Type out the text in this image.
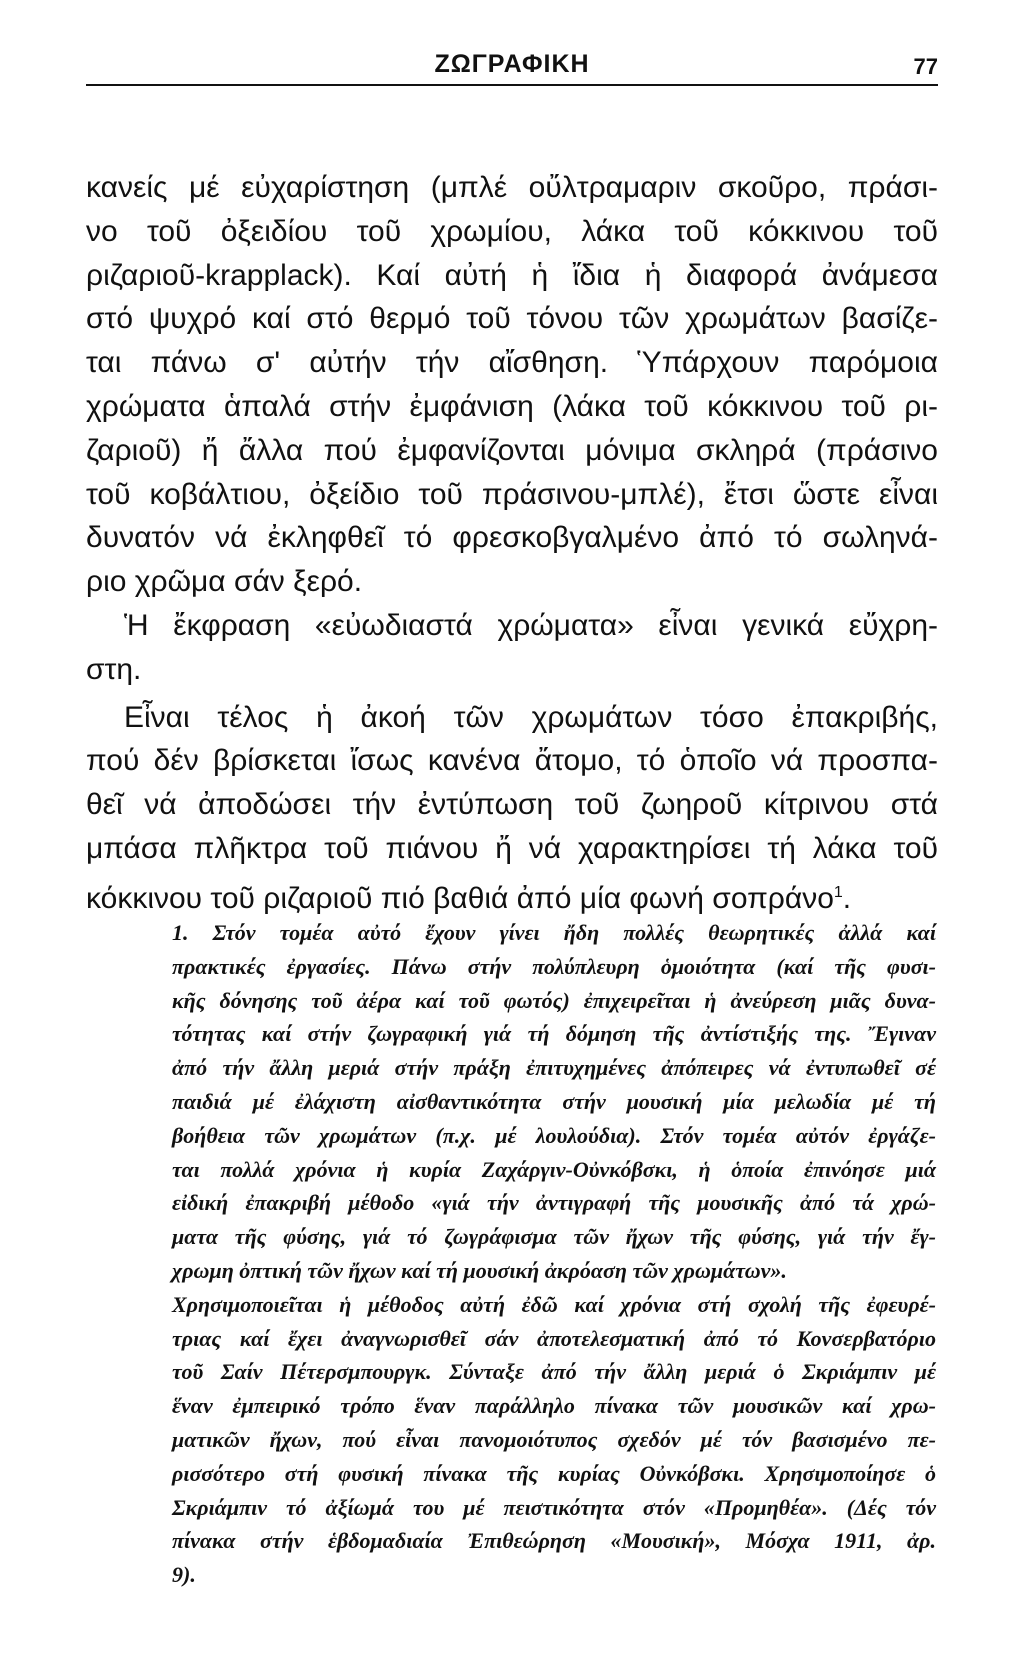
ΖΩΓΡΑΦΙΚΗ	77
κανείς μέ εὐχαρίστηση (μπλέ οὔλτραμαριν σκοῦρο, πράσι-
νο τοῦ ὀξειδίου τοῦ χρωμίου, λάκα τοῦ κόκκινου τοῦ
ριζαριοῦ-krapplack). Καί αὐτή ἡ ἴδια ἡ διαφορά ἀνάμεσα
στό ψυχρό καί στό θερμό τοῦ τόνου τῶν χρωμάτων βασίζε-
ται πάνω σ' αὐτήν τήν αἴσθηση. Ὑπάρχουν παρόμοια
χρώματα ἁπαλά στήν ἐμφάνιση (λάκα τοῦ κόκκινου τοῦ ρι-
ζαριοῦ) ἤ ἄλλα πού ἐμφανίζονται μόνιμα σκληρά (πράσινο
τοῦ κοβάλτιου, ὀξείδιο τοῦ πράσινου-μπλέ), ἔτσι ὥστε εἶναι
δυνατόν νά ἐκληφθεῖ τό φρεσκοβγαλμένο ἀπό τό σωληνά-
ριο χρῶμα σάν ξερό.
Ἡ ἔκφραση «εὐωδιαστά χρώματα» εἶναι γενικά εὔχρη-
στη.
Εἶναι τέλος ἡ ἀκοή τῶν χρωμάτων τόσο ἐπακριβής,
πού δέν βρίσκεται ἴσως κανένα ἄτομο, τό ὁποῖο νά προσπα-
θεῖ νά ἀποδώσει τήν ἐντύπωση τοῦ ζωηροῦ κίτρινου στά
μπάσα πλῆκτρα τοῦ πιάνου ἤ νά χαρακτηρίσει τή λάκα τοῦ
κόκκινου τοῦ ριζαριοῦ πιό βαθιά ἀπό μία φωνή σοπράνο$^1$.
1. Στόν τομέα αὐτό ἔχουν γίνει ἤδη πολλές θεωρητικές ἀλλά καί
πρακτικές ἐργασίες. Πάνω στήν πολύπλευρη ὁμοιότητα (καί τῆς φυσι-
κῆς δόνησης τοῦ ἀέρα καί τοῦ φωτός) ἐπιχειρεῖται ἡ ἀνεύρεση μιᾶς δυνα-
τότητας καί στήν ζωγραφική γιά τή δόμηση τῆς ἀντίστιξής της. Ἔγιναν
ἀπό τήν ἄλλη μεριά στήν πράξη ἐπιτυχημένες ἀπόπειρες νά ἐντυπωθεῖ σέ
παιδιά μέ ἐλάχιστη αἰσθαντικότητα στήν μουσική μία μελωδία μέ τή
βοήθεια τῶν χρωμάτων (π.χ. μέ λουλούδια). Στόν τομέα αὐτόν ἐργάζε-
ται πολλά χρόνια ἡ κυρία Ζαχάργιν-Οὐνκόβσκι, ἡ ὁποία ἐπινόησε μιά
εἰδική ἐπακριβή μέθοδο «γιά τήν ἀντιγραφή τῆς μουσικῆς ἀπό τά χρώ-
ματα τῆς φύσης, γιά τό ζωγράφισμα τῶν ἤχων τῆς φύσης, γιά τήν ἔγ-
χρωμη ὀπτική τῶν ἤχων καί τή μουσική ἀκρόαση τῶν χρωμάτων».
Χρησιμοποιεῖται ἡ μέθοδος αὐτή ἐδῶ καί χρόνια στή σχολή τῆς ἐφευρέ-
τριας καί ἔχει ἀναγνωρισθεῖ σάν ἀποτελεσματική ἀπό τό Κονσερβατόριο
τοῦ Σαίν Πέτερσμπουργκ. Σύνταξε ἀπό τήν ἄλλη μεριά ὁ Σκριάμπιν μέ
ἕναν ἐμπειρικό τρόπο ἕναν παράλληλο πίνακα τῶν μουσικῶν καί χρω-
ματικῶν ἤχων, πού εἶναι πανομοιότυπος σχεδόν μέ τόν βασισμένο πε-
ρισσότερο στή φυσική πίνακα τῆς κυρίας Οὐνκόβσκι. Χρησιμοποίησε ὁ
Σκριάμπιν τό ἀξίωμά του μέ πειστικότητα στόν «Προμηθέα». (Δές τόν
πίνακα στήν ἑβδομαδιαία Ἐπιθεώρηση «Μουσική», Μόσχα 1911, ἀρ.
9).
